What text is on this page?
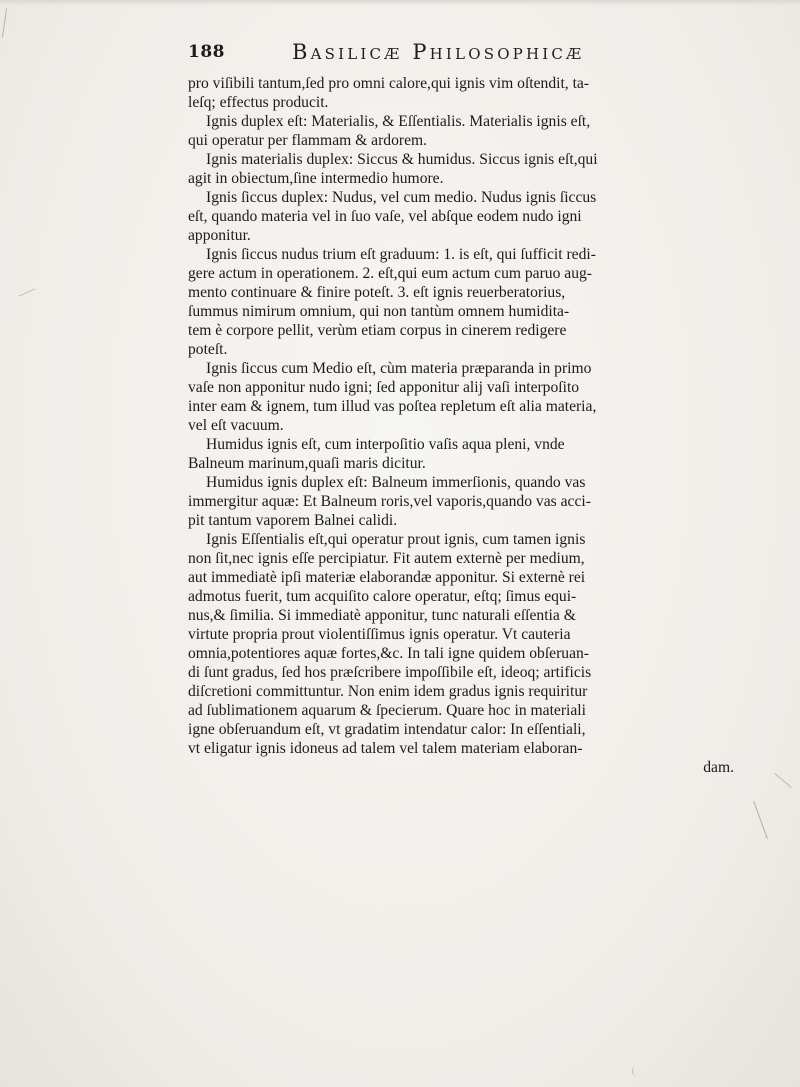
188	Basilicæ Philosophicæ
pro viſibili tantum,ſed pro omni calore,qui ignis vim oſtendit, ta-
leſq; effectus producit.
Ignis duplex eſt: Materialis, & Eſſentialis. Materialis ignis eſt,
qui operatur per flammam & ardorem.
Ignis materialis duplex: Siccus & humidus. Siccus ignis eſt,qui
agit in obiectum,ſine intermedio humore.
Ignis ſiccus duplex: Nudus, vel cum medio. Nudus ignis ſiccus
eſt, quando materia vel in ſuo vaſe, vel abſque eodem nudo igni
apponitur.
Ignis ſiccus nudus trium eſt graduum: 1. is eſt, qui ſufficit redi-
gere actum in operationem. 2. eſt,qui eum actum cum paruo aug-
mento continuare & finire poteſt. 3. eſt ignis reuerberatorius,
ſummus nimirum omnium, qui non tantùm omnem humidita-
tem è corpore pellit, verùm etiam corpus in cinerem redigere
poteſt.
Ignis ſiccus cum Medio eſt, cùm materia præparanda in primo
vaſe non apponitur nudo igni; ſed apponitur alij vaſi interpoſito
inter eam & ignem, tum illud vas poſtea repletum eſt alia materia,
vel eſt vacuum.
Humidus ignis eſt, cum interpoſitio vaſis aqua pleni, vnde
Balneum marinum,quaſi maris dicitur.
Humidus ignis duplex eſt: Balneum immerſionis, quando vas
immergitur aquæ: Et Balneum roris,vel vaporis,quando vas acci-
pit tantum vaporem Balnei calidi.
Ignis Eſſentialis eſt,qui operatur prout ignis, cum tamen ignis
non ſit,nec ignis eſſe percipiatur. Fit autem externè per medium,
aut immediatè ipſi materiæ elaborandæ apponitur. Si externè rei
admotus fuerit, tum acquiſito calore operatur, eſtq; ſimus equi-
nus,& ſimilia. Si immediatè apponitur, tunc naturali eſſentia &
virtute propria prout violentiſſimus ignis operatur. Vt cauteria
omnia,potentiores aquæ fortes,&c. In tali igne quidem obſeruan-
di ſunt gradus, ſed hos præſcribere impoſſibile eſt, ideoq; artificis
diſcretioni committuntur. Non enim idem gradus ignis requiritur
ad ſublimationem aquarum & ſpecierum. Quare hoc in materiali
igne obſeruandum eſt, vt gradatim intendatur calor: In eſſentiali,
vt eligatur ignis idoneus ad talem vel talem materiam elaboran-
dam.
